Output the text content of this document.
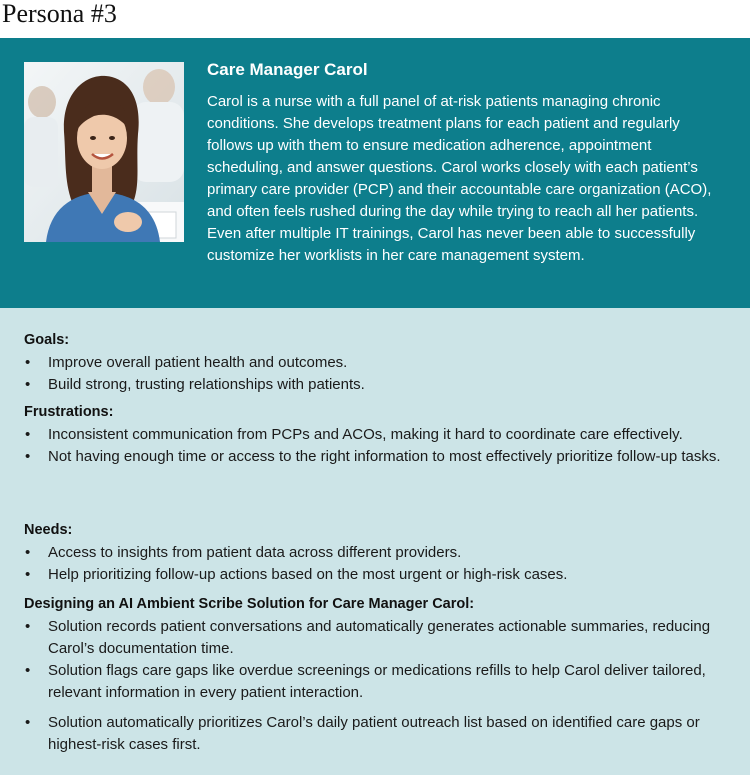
Persona #3
Care Manager Carol
Carol is a nurse with a full panel of at-risk patients managing chronic conditions. She develops treatment plans for each patient and regularly follows up with them to ensure medication adherence, appointment scheduling, and answer questions. Carol works closely with each patient’s primary care provider (PCP) and their accountable care organization (ACO), and often feels rushed during the day while trying to reach all her patients. Even after multiple IT trainings, Carol has never been able to successfully customize her worklists in her care management system.
Goals:
• Improve overall patient health and outcomes.
• Build strong, trusting relationships with patients.
Frustrations:
• Inconsistent communication from PCPs and ACOs, making it hard to coordinate care effectively.
• Not having enough time or access to the right information to most effectively prioritize follow-up tasks.
Needs:
• Access to insights from patient data across different providers.
• Help prioritizing follow-up actions based on the most urgent or high-risk cases.
Designing an AI Ambient Scribe Solution for Care Manager Carol:
• Solution records patient conversations and automatically generates actionable summaries, reducing Carol’s documentation time.
• Solution flags care gaps like overdue screenings or medications refills to help Carol deliver tailored, relevant information in every patient interaction.
• Solution automatically prioritizes Carol’s daily patient outreach list based on identified care gaps or highest-risk cases first.
